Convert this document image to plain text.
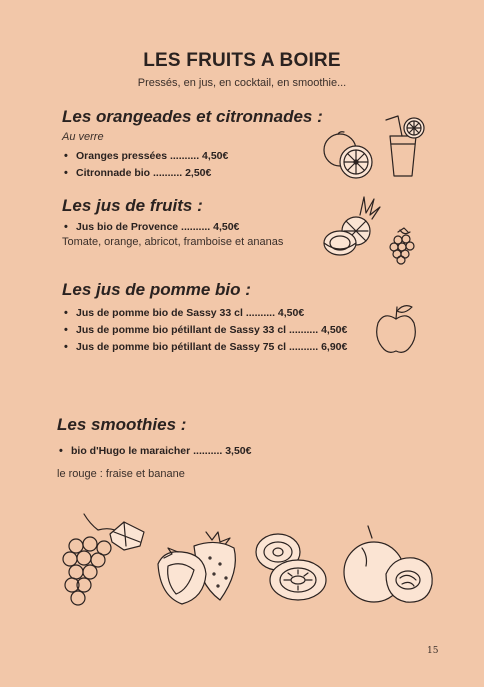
LES FRUITS A BOIRE
Pressés, en jus, en cocktail, en smoothie...
Les orangeades et citronnades :
Au verre
• Oranges pressées .......... 4,50€
• Citronnade bio .......... 2,50€
Les jus de fruits :
• Jus bio de Provence .......... 4,50€
Tomate, orange, abricot, framboise et ananas
Les jus de pomme bio :
• Jus de pomme bio de Sassy 33 cl .......... 4,50€
• Jus de pomme bio pétillant de Sassy 33 cl .......... 4,50€
• Jus de pomme bio pétillant de Sassy 75 cl .......... 6,90€
Les smoothies :
• bio d'Hugo le maraicher .......... 3,50€
le rouge : fraise et banane
15
